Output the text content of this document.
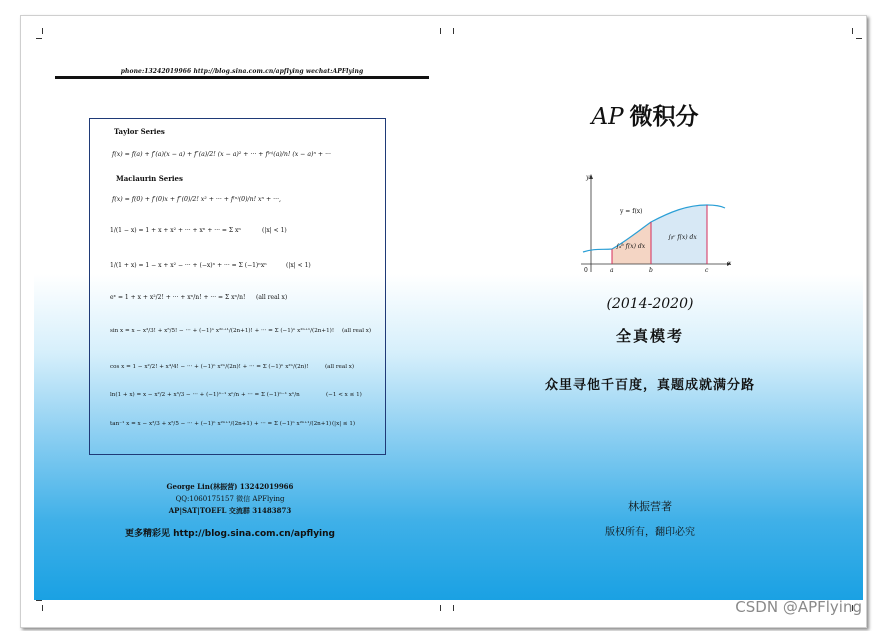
phone:13242019966 http://blog.sina.com.cn/apflying wechat:APFlying
Taylor Series
f(x) = f(a) + f′(a)(x − a) + f″(a)/2! (x − a)² + ··· + f⁽ⁿ⁾(a)/n! (x − a)ⁿ + ···
Maclaurin Series
f(x) = f(0) + f′(0)x + f″(0)/2! x² + ··· + f⁽ⁿ⁾(0)/n! xⁿ + ···,
1/(1 − x) = 1 + x + x² + ··· + xⁿ + ··· = Σ xⁿ	(|x| < 1)
1/(1 + x) = 1 − x + x² − ··· + (−x)ⁿ + ··· = Σ (−1)ⁿxⁿ	(|x| < 1)
eˣ = 1 + x + x²/2! + ··· + xⁿ/n! + ··· = Σ xⁿ/n! (all real x)
sin x = x − x³/3! + x⁵/5! − ··· + (−1)ⁿ x²ⁿ⁺¹/(2n+1)! + ··· = Σ (−1)ⁿ x²ⁿ⁺¹/(2n+1)! (all real x)
cos x = 1 − x²/2! + x⁴/4! − ··· + (−1)ⁿ x²ⁿ/(2n)! + ··· = Σ (−1)ⁿ x²ⁿ/(2n)!	(all real x)
ln(1 + x) = x − x²/2 + x³/3 − ··· + (−1)ⁿ⁻¹ xⁿ/n + ··· = Σ (−1)ⁿ⁻¹ xⁿ/n	(−1 < x ≤ 1)
tan⁻¹ x = x − x³/3 + x⁵/5 − ··· + (−1)ⁿ x²ⁿ⁺¹/(2n+1) + ··· = Σ (−1)ⁿ x²ⁿ⁺¹/(2n+1) (|x| ≤ 1)
George Lin(林振营) 13242019966
QQ:1060175157 微信 APFlying
AP|SAT|TOEFL 交流群 31483873
更多精彩见 http://blog.sina.com.cn/apflying
AP 微积分
y
x
y = f(x)
0	a	b	c
∫ₐᵇ f(x) dx
∫ᵦᶜ f(x) dx
(2014-2020)
全真模考
众里寻他千百度，真题成就满分路
林振营著
版权所有，翻印必究
CSDN @APFlying
